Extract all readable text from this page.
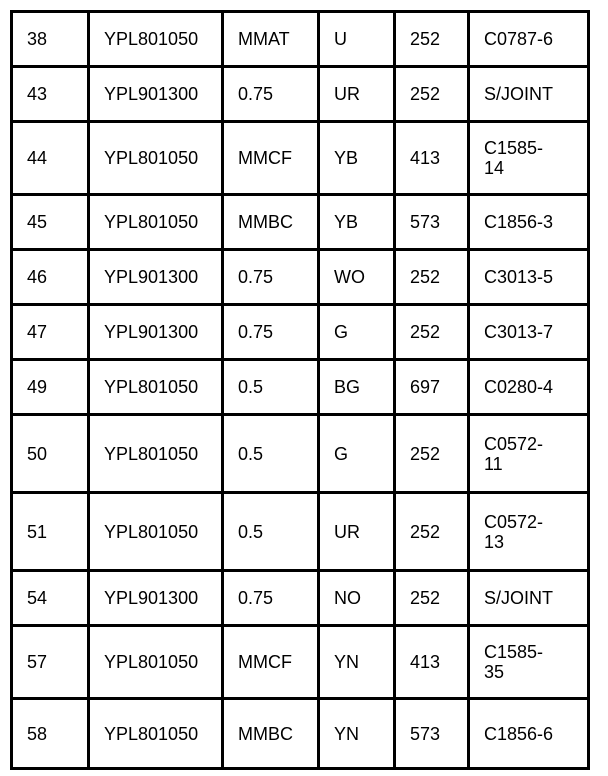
38	YPL801050	MMAT	U	252	C0787-6
43	YPL901300	0.75	UR	252	S/JOINT
44	YPL801050	MMCF	YB	413	C1585-
14
45	YPL801050	MMBC	YB	573	C1856-3
46	YPL901300	0.75	WO	252	C3013-5
47	YPL901300	0.75	G	252	C3013-7
49	YPL801050	0.5	BG	697	C0280-4
50	YPL801050	0.5	G	252	C0572-
11
51	YPL801050	0.5	UR	252	C0572-
13
54	YPL901300	0.75	NO	252	S/JOINT
57	YPL801050	MMCF	YN	413	C1585-
35
58	YPL801050	MMBC	YN	573	C1856-6
